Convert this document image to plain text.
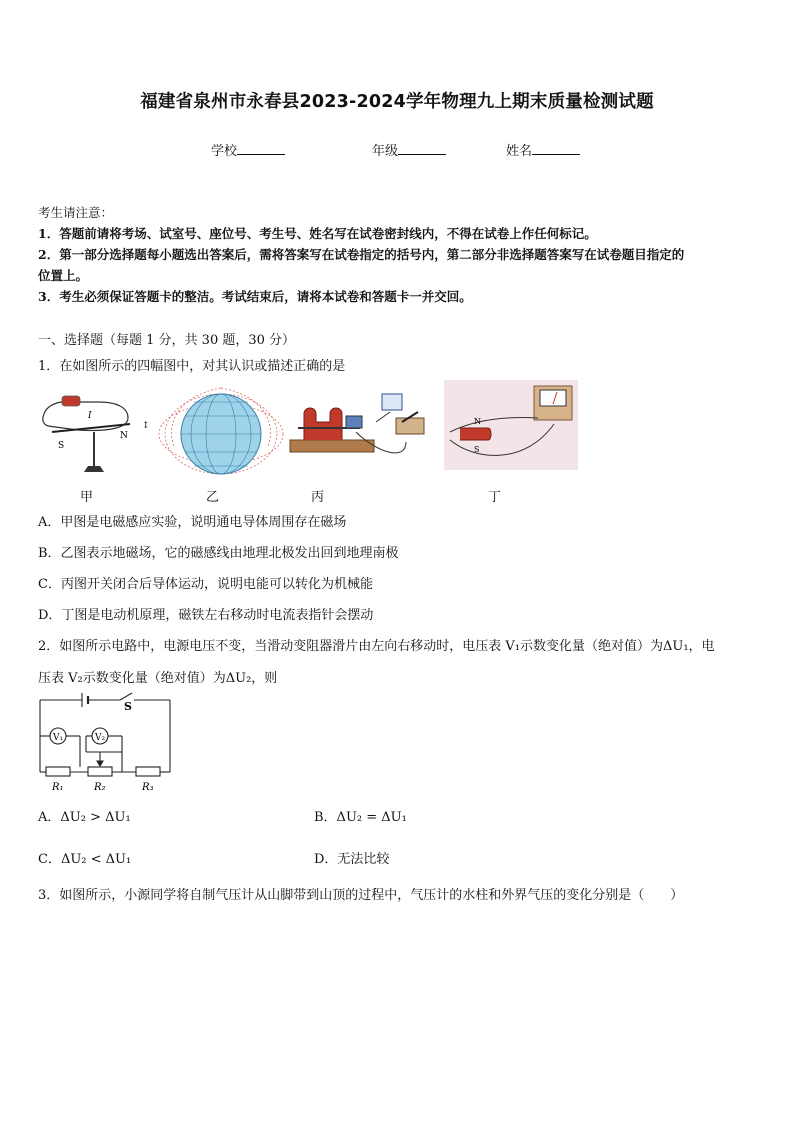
福建省泉州市永春县2023-2024学年物理九上期末质量检测试题
学校	年级	姓名
考生请注意：
1．答题前请将考场、试室号、座位号、考生号、姓名写在试卷密封线内，不得在试卷上作任何标记。
2．第一部分选择题每小题选出答案后，需将答案写在试卷指定的括号内，第二部分非选择题答案写在试卷题目指定的
位置上。
3．考生必须保证答题卡的整洁。考试结束后，请将本试卷和答题卡一并交回。
一、选择题（每题 1 分，共 30 题，30 分）
1．在如图所示的四幅图中，对其认识或描述正确的是
S
N
I
↕	N
S
甲	乙	丙	丁
A．甲图是电磁感应实验，说明通电导体周围存在磁场
B．乙图表示地磁场，它的磁感线由地理北极发出回到地理南极
C．丙图开关闭合后导体运动，说明电能可以转化为机械能
D．丁图是电动机原理，磁铁左右移动时电流表指针会摆动
2．如图所示电路中，电源电压不变，当滑动变阻器滑片由左向右移动时，电压表 V₁示数变化量（绝对值）为ΔU₁，电
压表 V₂示数变化量（绝对值）为ΔU₂，则
V₁	V₂
S
R₁	R₂	R₃
A．ΔU₂ > ΔU₁	B．ΔU₂ = ΔU₁
C．ΔU₂ < ΔU₁	D．无法比较
3．如图所示，小源同学将自制气压计从山脚带到山顶的过程中，气压计的水柱和外界气压的变化分别是（　　）
